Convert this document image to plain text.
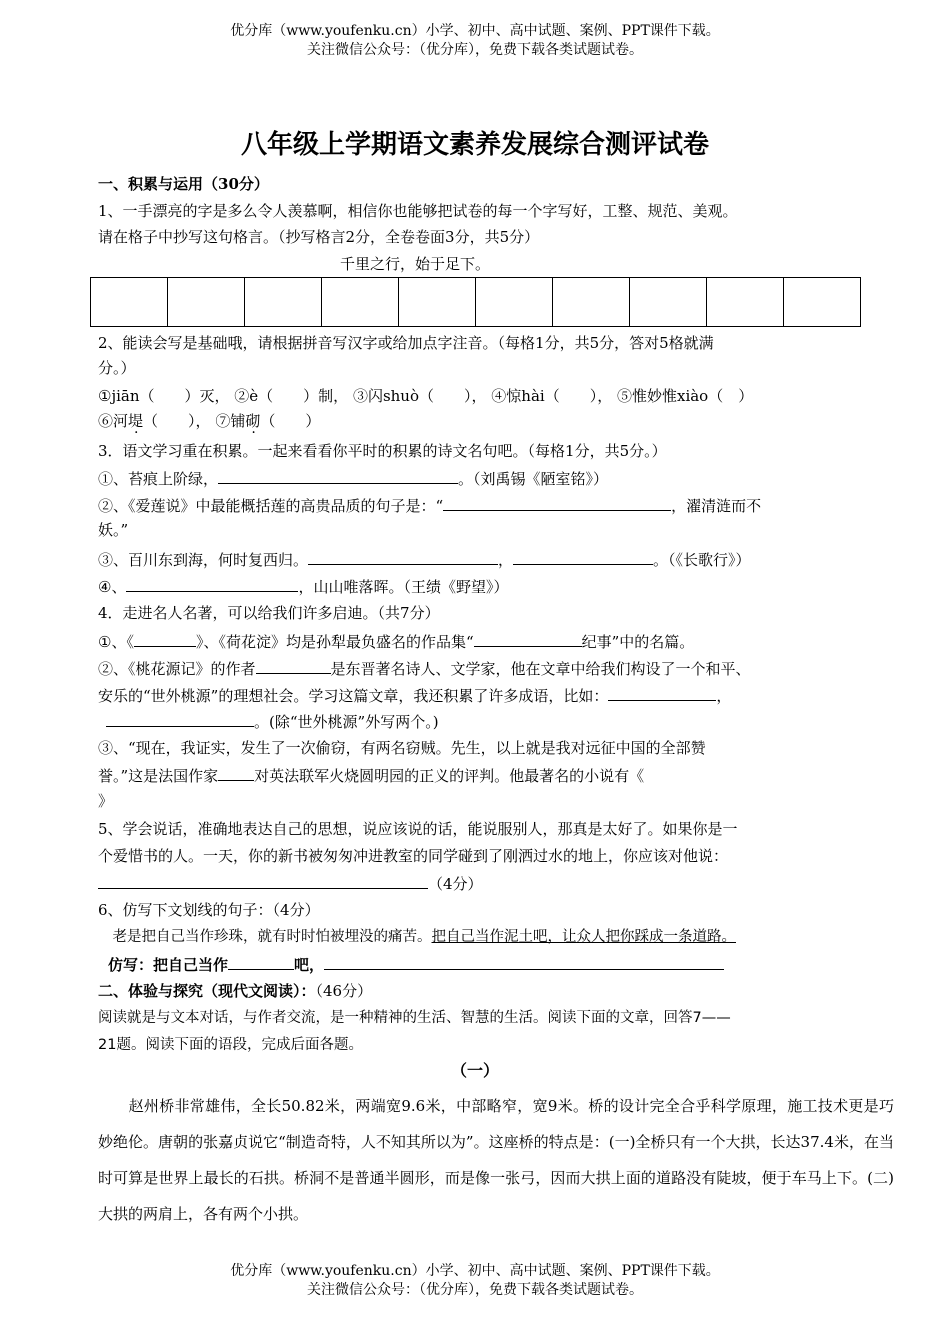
优分库（www.youfenku.cn）小学、初中、高中试题、案例、PPT课件下载。
关注微信公众号：（优分库），免费下载各类试题试卷。
八年级上学期语文素养发展综合测评试卷
一、积累与运用（30分）
1、一手漂亮的字是多么令人羡慕啊，相信你也能够把试卷的每一个字写好，工整、规范、美观。
请在格子中抄写这句格言。（抄写格言2分，全卷卷面3分，共5分）
千里之行，始于足下。
2、能读会写是基础哦，请根据拼音写汉字或给加点字注音。（每格1分，共5分，答对5格就满
分。）
①jiān（　　）灭， ②è（　　）制， ③闪shuò（　　）， ④惊hài（　　）， ⑤惟妙惟xiào（　）
⑥河堤（　　）， ⑦铺砌（　　）
3．语文学习重在积累。一起来看看你平时的积累的诗文名句吧。（每格1分，共5分。）
①、苔痕上阶绿，	。（刘禹锡《陋室铭》）
②、《爱莲说》中最能概括莲的高贵品质的句子是：“	，濯清涟而不
妖。”
③、百川东到海，何时复西归。	，	。（《长歌行》）
④、	，山山唯落晖。（王绩《野望》）
4．走进名人名著，可以给我们许多启迪。（共7分）
①、《	》、《荷花淀》均是孙犁最负盛名的作品集“	纪事”中的名篇。
②、《桃花源记》的作者	是东晋著名诗人、文学家，他在文章中给我们构设了一个和平、
安乐的“世外桃源”的理想社会。学习这篇文章，我还积累了许多成语，比如：	，
。(除“世外桃源”外写两个。)
③、“现在，我证实，发生了一次偷窃，有两名窃贼。先生，以上就是我对远征中国的全部赞
誉。”这是法国作家 对英法联军火烧圆明园的正义的评判。他最著名的小说有《
》
5、学会说话，准确地表达自己的思想，说应该说的话，能说服别人，那真是太好了。如果你是一
个爱惜书的人。一天，你的新书被匆匆冲进教室的同学碰到了刚洒过水的地上，你应该对他说：
（4分）
6、仿写下文划线的句子：（4分）
　老是把自己当作珍珠，就有时时怕被埋没的痛苦。把自己当作泥土吧，让众人把你踩成一条道路。
仿写：把自己当作	吧，
二、体验与探究（现代文阅读）：（46分）
阅读就是与文本对话，与作者交流，是一种精神的生活、智慧的生活。阅读下面的文章，回答7——
21题。阅读下面的语段，完成后面各题。
（一）
　　赵州桥非常雄伟，全长50.82米，两端宽9.6米，中部略窄，宽9米。桥的设计完全合乎科学原理，施工技术更是巧妙绝伦。唐朝的张嘉贞说它“制造奇特，人不知其所以为”。这座桥的特点是：(一)全桥只有一个大拱，长达37.4米，在当时可算是世界上最长的石拱。桥洞不是普通半圆形，而是像一张弓，因而大拱上面的道路没有陡坡，便于车马上下。(二)大拱的两肩上，各有两个小拱。
优分库（www.youfenku.cn）小学、初中、高中试题、案例、PPT课件下载。
关注微信公众号：（优分库），免费下载各类试题试卷。
